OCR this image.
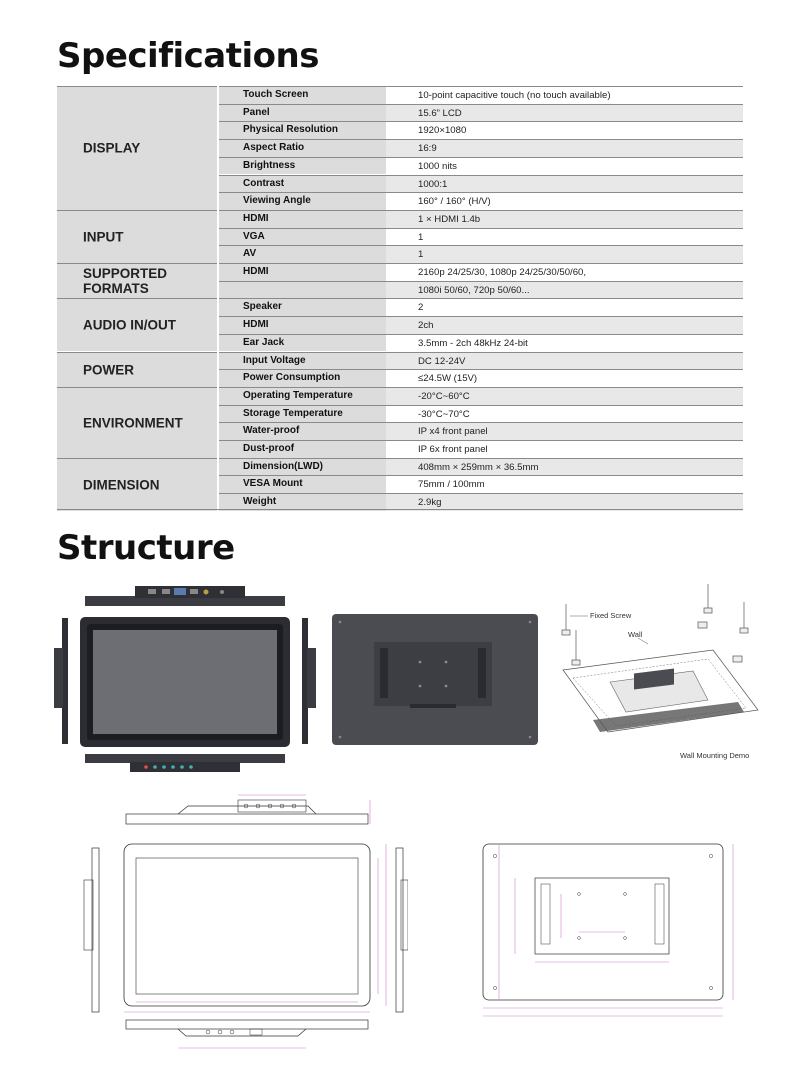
Specifications
DISPLAY
Touch Screen	10-point capacitive touch (no touch available)
Panel	15.6” LCD
Physical Resolution	1920×1080
Aspect Ratio	16:9
Brightness	1000 nits
Contrast	1000:1
Viewing Angle	160° / 160° (H/V)
INPUT
HDMI	1 × HDMI 1.4b
VGA	1
AV	1
SUPPORTED FORMATS
HDMI	2160p 24/25/30, 1080p 24/25/30/50/60,
1080i 50/60, 720p 50/60...
AUDIO IN/OUT
Speaker	2
HDMI	2ch
Ear Jack	3.5mm - 2ch 48kHz 24-bit
POWER
Input Voltage	DC 12-24V
Power Consumption	≤24.5W (15V)
ENVIRONMENT
Operating Temperature	-20°C~60°C
Storage Temperature	-30°C~70°C
Water-proof	IP x4 front panel
Dust-proof	IP 6x front panel
DIMENSION
Dimension(LWD)	408mm × 259mm × 36.5mm
VESA Mount	75mm / 100mm
Weight	2.9kg
Structure
Fixed Screw
Wall
Wall Mounting Demo
